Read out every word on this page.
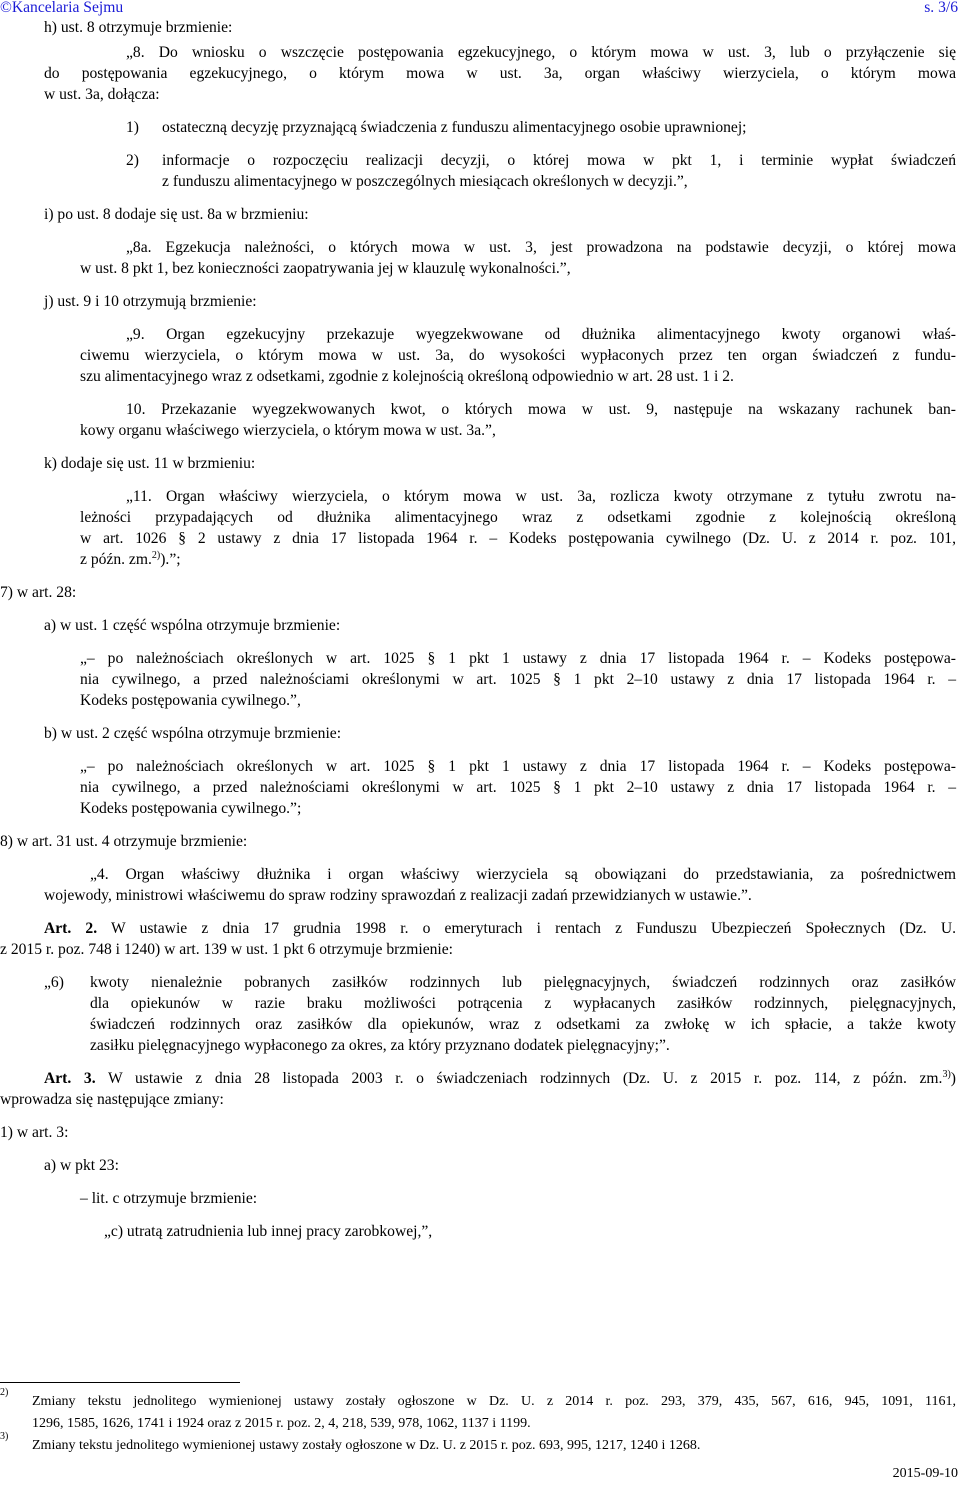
©Kancelaria Sejmu	s. 3/6
h) ust. 8 otrzymuje brzmienie:
„8. Do wniosku o wszczęcie postępowania egzekucyjnego, o którym mowa w ust. 3, lub o przyłączenie się
do postępowania egzekucyjnego, o którym mowa w ust. 3a, organ właściwy wierzyciela, o którym mowa
w ust. 3a, dołącza:
1) ostateczną decyzję przyznającą świadczenia z funduszu alimentacyjnego osobie uprawnionej;
2) informacje o rozpoczęciu realizacji decyzji, o której mowa w pkt 1, i terminie wypłat świadczeń
z funduszu alimentacyjnego w poszczególnych miesiącach określonych w decyzji.”,
i) po ust. 8 dodaje się ust. 8a w brzmieniu:
„8a. Egzekucja należności, o których mowa w ust. 3, jest prowadzona na podstawie decyzji, o której mowa
w ust. 8 pkt 1, bez konieczności zaopatrywania jej w klauzulę wykonalności.”,
j) ust. 9 i 10 otrzymują brzmienie:
„9. Organ egzekucyjny przekazuje wyegzekwowane od dłużnika alimentacyjnego kwoty organowi właś-
ciwemu wierzyciela, o którym mowa w ust. 3a, do wysokości wypłaconych przez ten organ świadczeń z fundu-
szu alimentacyjnego wraz z odsetkami, zgodnie z kolejnością określoną odpowiednio w art. 28 ust. 1 i 2.
10. Przekazanie wyegzekwowanych kwot, o których mowa w ust. 9, następuje na wskazany rachunek ban-
kowy organu właściwego wierzyciela, o którym mowa w ust. 3a.”,
k) dodaje się ust. 11 w brzmieniu:
„11. Organ właściwy wierzyciela, o którym mowa w ust. 3a, rozlicza kwoty otrzymane z tytułu zwrotu na-
leżności przypadających od dłużnika alimentacyjnego wraz z odsetkami zgodnie z kolejnością określoną
w art. 1026 § 2 ustawy z dnia 17 listopada 1964 r. – Kodeks postępowania cywilnego (Dz. U. z 2014 r. poz. 101,
z późn. zm.$^{2)}$).”;
7) w art. 28:
a) w ust. 1 część wspólna otrzymuje brzmienie:
„– po należnościach określonych w art. 1025 § 1 pkt 1 ustawy z dnia 17 listopada 1964 r. – Kodeks postępowa-
nia cywilnego, a przed należnościami określonymi w art. 1025 § 1 pkt 2–10 ustawy z dnia 17 listopada 1964 r. –
Kodeks postępowania cywilnego.”,
b) w ust. 2 część wspólna otrzymuje brzmienie:
„– po należnościach określonych w art. 1025 § 1 pkt 1 ustawy z dnia 17 listopada 1964 r. – Kodeks postępowa-
nia cywilnego, a przed należnościami określonymi w art. 1025 § 1 pkt 2–10 ustawy z dnia 17 listopada 1964 r. –
Kodeks postępowania cywilnego.”;
8) w art. 31 ust. 4 otrzymuje brzmienie:
„4. Organ właściwy dłużnika i organ właściwy wierzyciela są obowiązani do przedstawiania, za pośrednictwem
wojewody, ministrowi właściwemu do spraw rodziny sprawozdań z realizacji zadań przewidzianych w ustawie.”.
Art. 2. W ustawie z dnia 17 grudnia 1998 r. o emeryturach i rentach z Funduszu Ubezpieczeń Społecznych (Dz. U.
z 2015 r. poz. 748 i 1240) w art. 139 w ust. 1 pkt 6 otrzymuje brzmienie:
„6) kwoty nienależnie pobranych zasiłków rodzinnych lub pielęgnacyjnych, świadczeń rodzinnych oraz zasiłków
dla opiekunów w razie braku możliwości potrącenia z wypłacanych zasiłków rodzinnych, pielęgnacyjnych,
świadczeń rodzinnych oraz zasiłków dla opiekunów, wraz z odsetkami za zwłokę w ich spłacie, a także kwoty
zasiłku pielęgnacyjnego wypłaconego za okres, za który przyznano dodatek pielęgnacyjny;”.
Art. 3. W ustawie z dnia 28 listopada 2003 r. o świadczeniach rodzinnych (Dz. U. z 2015 r. poz. 114, z późn. zm.$^{3)}$)
wprowadza się następujące zmiany:
1) w art. 3:
a) w pkt 23:
– lit. c otrzymuje brzmienie:
„c) utratą zatrudnienia lub innej pracy zarobkowej,”,
$^{2)}$
Zmiany tekstu jednolitego wymienionej ustawy zostały ogłoszone w Dz. U. z 2014 r. poz. 293, 379, 435, 567, 616, 945, 1091, 1161,
1296, 1585, 1626, 1741 i 1924 oraz z 2015 r. poz. 2, 4, 218, 539, 978, 1062, 1137 i 1199.
$^{3)}$
Zmiany tekstu jednolitego wymienionej ustawy zostały ogłoszone w Dz. U. z 2015 r. poz. 693, 995, 1217, 1240 i 1268.
2015-09-10
